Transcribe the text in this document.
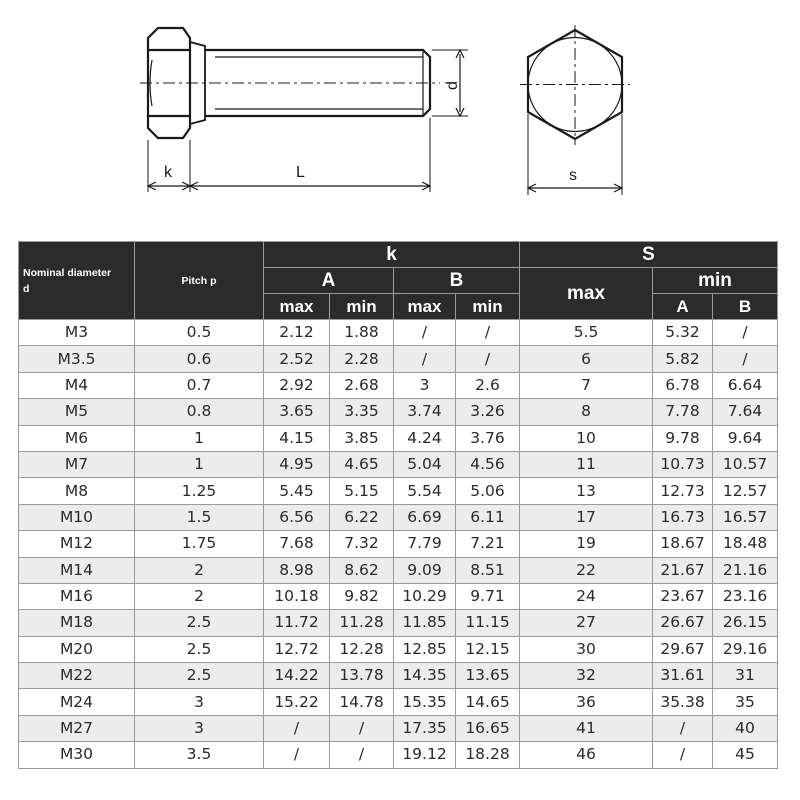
k	L
d
s
Nominal diameter
d	Pitch p	k				S		
		A		B		max	min	
		max	min	max	min		A	B
M3	0.5	2.12	1.88	/	/	5.5	5.32	/
M3.5	0.6	2.52	2.28	/	/	6	5.82	/
M4	0.7	2.92	2.68	3	2.6	7	6.78	6.64
M5	0.8	3.65	3.35	3.74	3.26	8	7.78	7.64
M6	1	4.15	3.85	4.24	3.76	10	9.78	9.64
M7	1	4.95	4.65	5.04	4.56	11	10.73	10.57
M8	1.25	5.45	5.15	5.54	5.06	13	12.73	12.57
M10	1.5	6.56	6.22	6.69	6.11	17	16.73	16.57
M12	1.75	7.68	7.32	7.79	7.21	19	18.67	18.48
M14	2	8.98	8.62	9.09	8.51	22	21.67	21.16
M16	2	10.18	9.82	10.29	9.71	24	23.67	23.16
M18	2.5	11.72	11.28	11.85	11.15	27	26.67	26.15
M20	2.5	12.72	12.28	12.85	12.15	30	29.67	29.16
M22	2.5	14.22	13.78	14.35	13.65	32	31.61	31
M24	3	15.22	14.78	15.35	14.65	36	35.38	35
M27	3	/	/	17.35	16.65	41	/	40
M30	3.5	/	/	19.12	18.28	46	/	45
